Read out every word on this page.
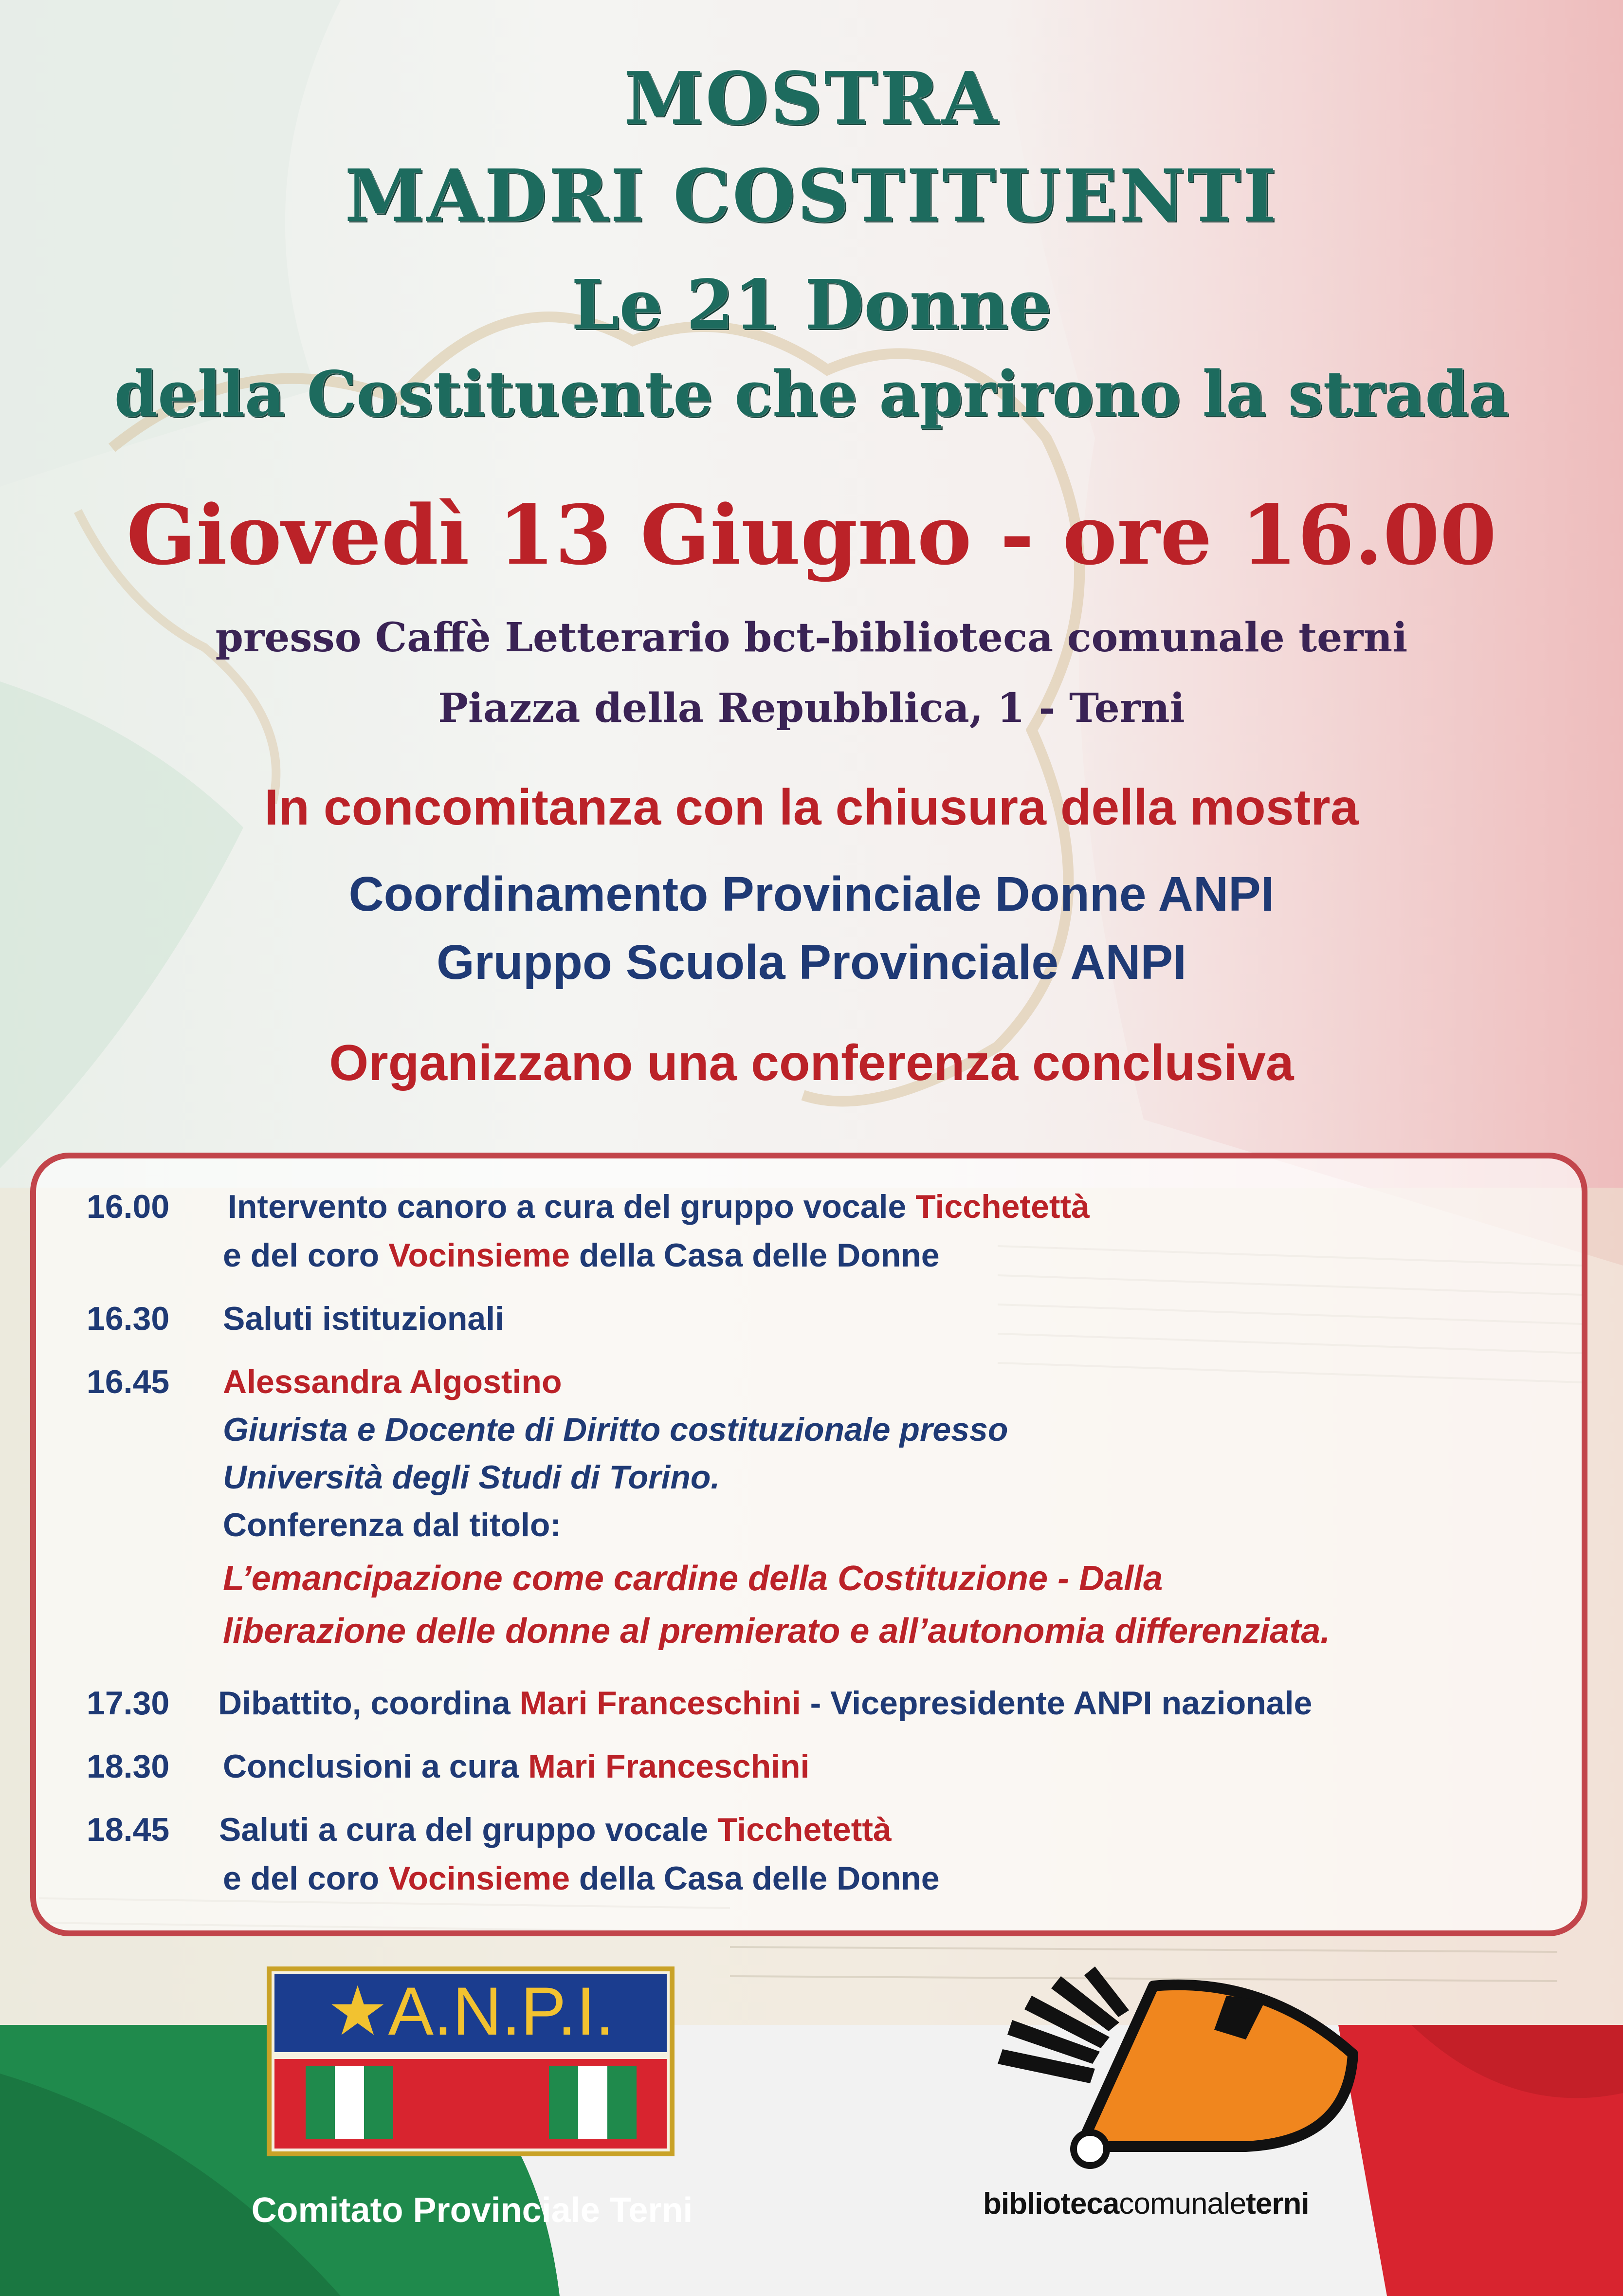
MOSTRA
MADRI COSTITUENTI
Le 21 Donne
della Costituente che aprirono la strada
Giovedì 13 Giugno - ore 16.00
presso Caffè Letterario bct-biblioteca comunale terni
Piazza della Repubblica, 1 - Terni
In concomitanza con la chiusura della mostra
Coordinamento Provinciale Donne ANPI
Gruppo Scuola Provinciale ANPI
Organizzano una conferenza conclusiva
16.00	Intervento canoro a cura del gruppo vocale Ticchetettà
e del coro Vocinsieme della Casa delle Donne
16.30	Saluti istituzionali
16.45	Alessandra Algostino
Giurista e Docente di Diritto costituzionale presso
Università degli Studi di Torino.
Conferenza dal titolo:
L’emancipazione come cardine della Costituzione - Dalla
liberazione delle donne al premierato e all’autonomia differenziata.
17.30	Dibattito, coordina Mari Franceschini - Vicepresidente ANPI nazionale
18.30	Conclusioni a cura Mari Franceschini
18.45	Saluti a cura del gruppo vocale Ticchetettà
e del coro Vocinsieme della Casa delle Donne
★A.N.P.I.
Comitato Provinciale Terni	bibliotecacomunaleterni
